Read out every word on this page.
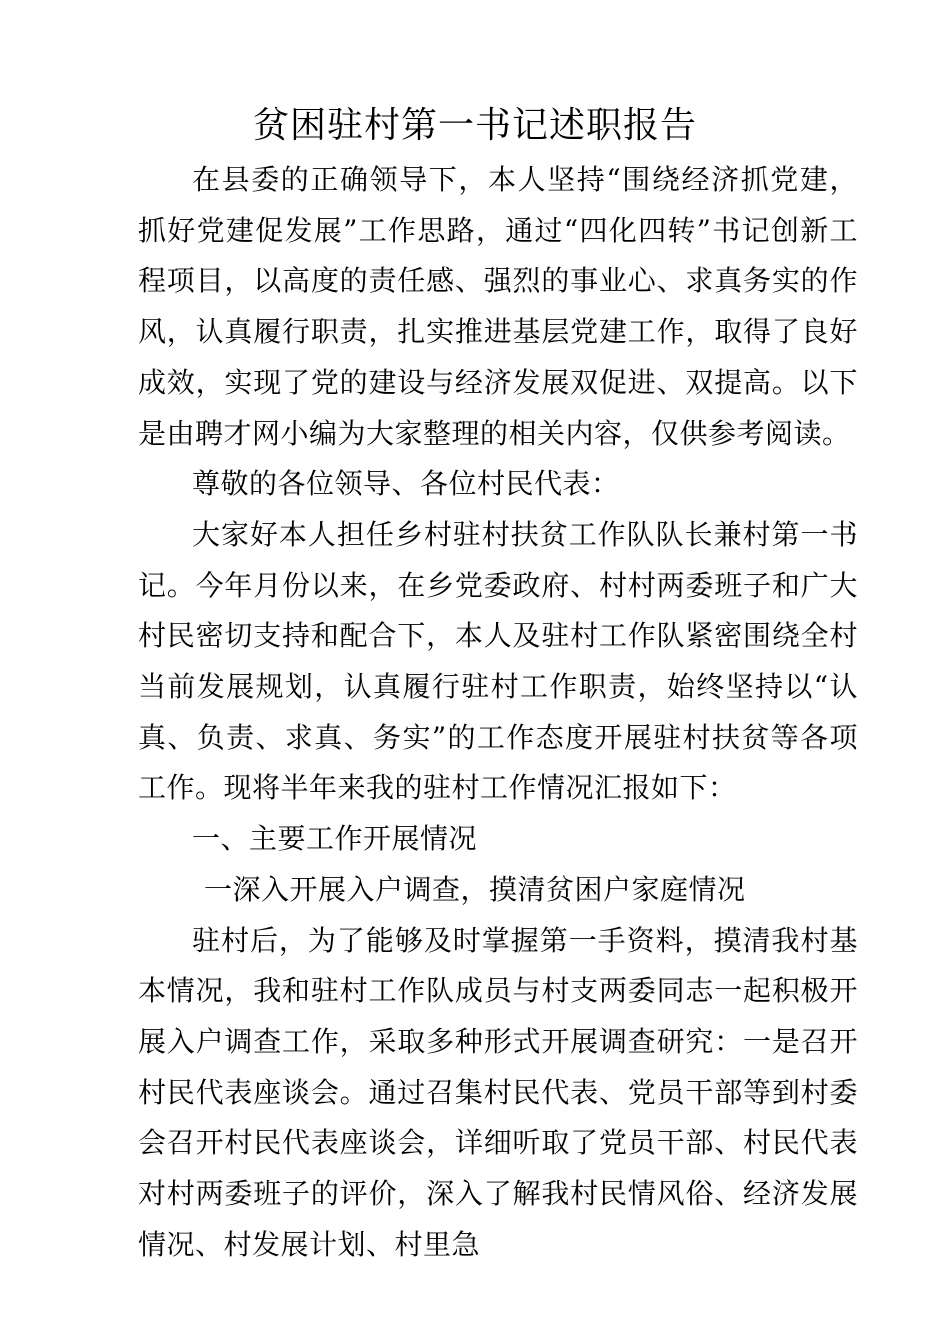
贫困驻村第一书记述职报告

在县委的正确领导下，本人坚持“围绕经济抓党建，抓好党建促发展”工作思路，通过“四化四转”书记创新工程项目，以高度的责任感、强烈的事业心、求真务实的作风，认真履行职责，扎实推进基层党建工作，取得了良好成效，实现了党的建设与经济发展双促进、双提高。以下是由聘才网小编为大家整理的相关内容，仅供参考阅读。

尊敬的各位领导、各位村民代表：

大家好本人担任乡村驻村扶贫工作队队长兼村第一书记。今年月份以来，在乡党委政府、村村两委班子和广大村民密切支持和配合下，本人及驻村工作队紧密围绕全村当前发展规划，认真履行驻村工作职责，始终坚持以“认真、负责、求真、务实”的工作态度开展驻村扶贫等各项工作。现将半年来我的驻村工作情况汇报如下：

一、主要工作开展情况

一深入开展入户调查，摸清贫困户家庭情况

驻村后，为了能够及时掌握第一手资料，摸清我村基本情况，我和驻村工作队成员与村支两委同志一起积极开展入户调查工作，采取多种形式开展调查研究：一是召开村民代表座谈会。通过召集村民代表、党员干部等到村委会召开村民代表座谈会，详细听取了党员干部、村民代表对村两委班子的评价，深入了解我村民情风俗、经济发展情况、村发展计划、村里急
